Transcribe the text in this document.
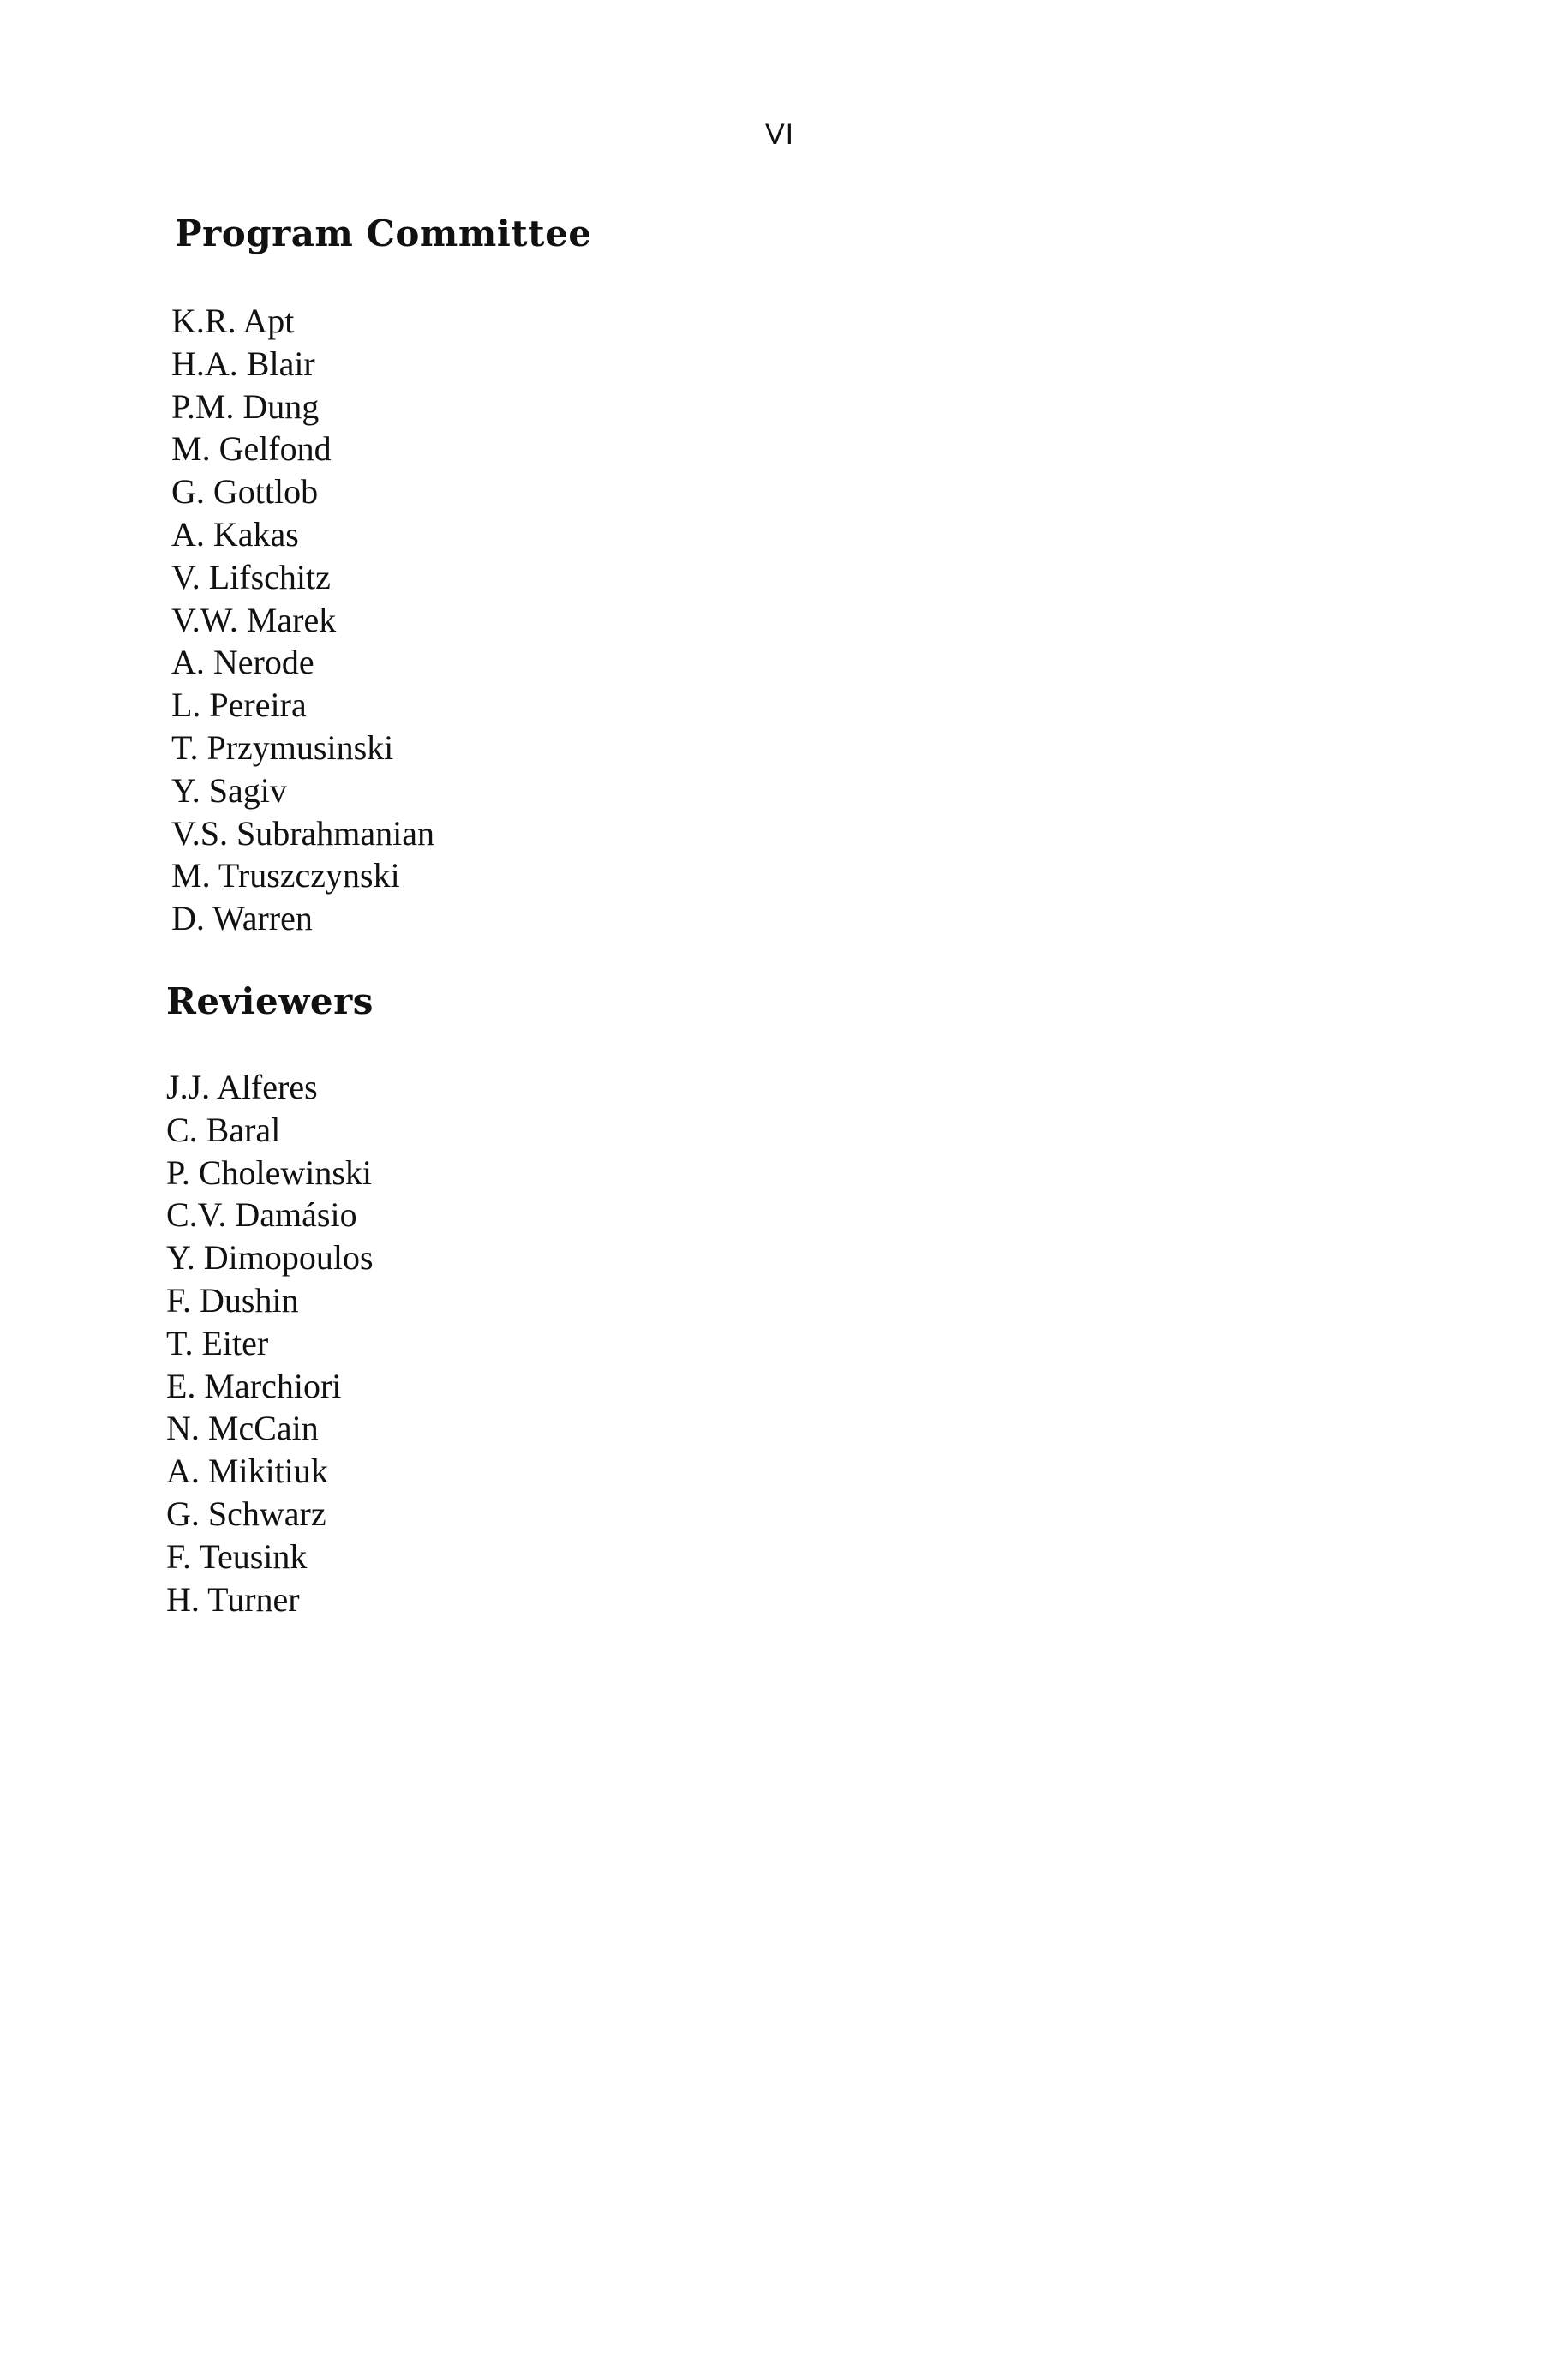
VI
Program Committee
K.R. Apt
H.A. Blair
P.M. Dung
M. Gelfond
G. Gottlob
A. Kakas
V. Lifschitz
V.W. Marek
A. Nerode
L. Pereira
T. Przymusinski
Y. Sagiv
V.S. Subrahmanian
M. Truszczynski
D. Warren
Reviewers
J.J. Alferes
C. Baral
P. Cholewinski
C.V. Damásio
Y. Dimopoulos
F. Dushin
T. Eiter
E. Marchiori
N. McCain
A. Mikitiuk
G. Schwarz
F. Teusink
H. Turner
